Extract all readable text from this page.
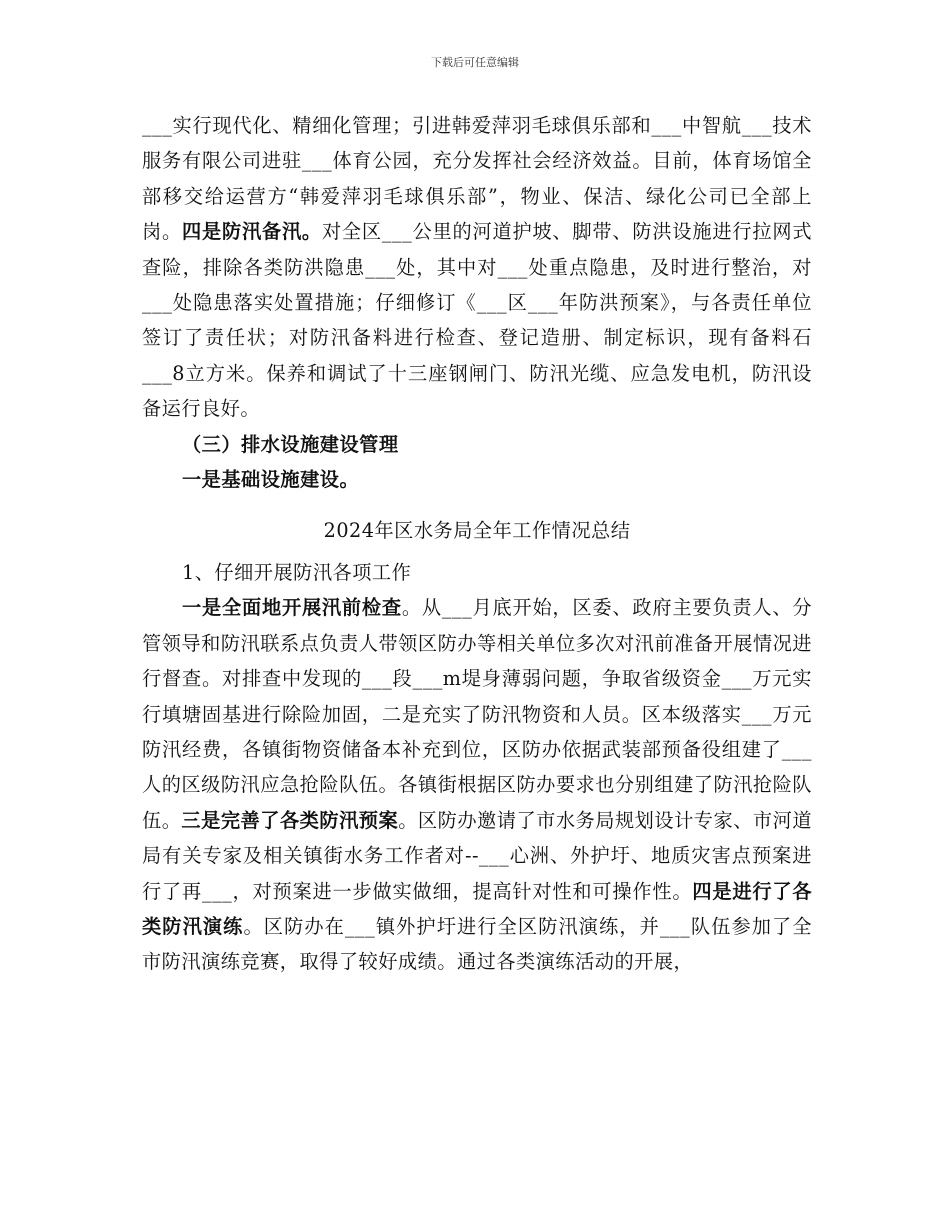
下载后可任意编辑

___实行现代化、精细化管理；引进韩爱萍羽毛球俱乐部和___中智航___技术服务有限公司进驻___体育公园，充分发挥社会经济效益。目前，体育场馆全部移交给运营方“韩爱萍羽毛球俱乐部”，物业、保洁、绿化公司已全部上岗。四是防汛备汛。对全区___公里的河道护坡、脚带、防洪设施进行拉网式查险，排除各类防洪隐患___处，其中对___处重点隐患，及时进行整治，对___处隐患落实处置措施；仔细修订《___区___年防洪预案》，与各责任单位签订了责任状；对防汛备料进行检查、登记造册、制定标识，现有备料石___8立方米。保养和调试了十三座钢闸门、防汛光缆、应急发电机，防汛设备运行良好。

（三）排水设施建设管理

一是基础设施建设。

2024年区水务局全年工作情况总结

1、仔细开展防汛各项工作

一是全面地开展汛前检查。从___月底开始，区委、政府主要负责人、分管领导和防汛联系点负责人带领区防办等相关单位多次对汛前准备开展情况进行督查。对排查中发现的___段___m堤身薄弱问题，争取省级资金___万元实行填塘固基进行除险加固，二是充实了防汛物资和人员。区本级落实___万元防汛经费，各镇街物资储备本补充到位，区防办依据武装部预备役组建了___人的区级防汛应急抢险队伍。各镇街根据区防办要求也分别组建了防汛抢险队伍。三是完善了各类防汛预案。区防办邀请了市水务局规划设计专家、市河道局有关专家及相关镇街水务工作者对--___心洲、外护圩、地质灾害点预案进行了再___，对预案进一步做实做细，提高针对性和可操作性。四是进行了各类防汛演练。区防办在___镇外护圩进行全区防汛演练，并___队伍参加了全市防汛演练竞赛，取得了较好成绩。通过各类演练活动的开展，
